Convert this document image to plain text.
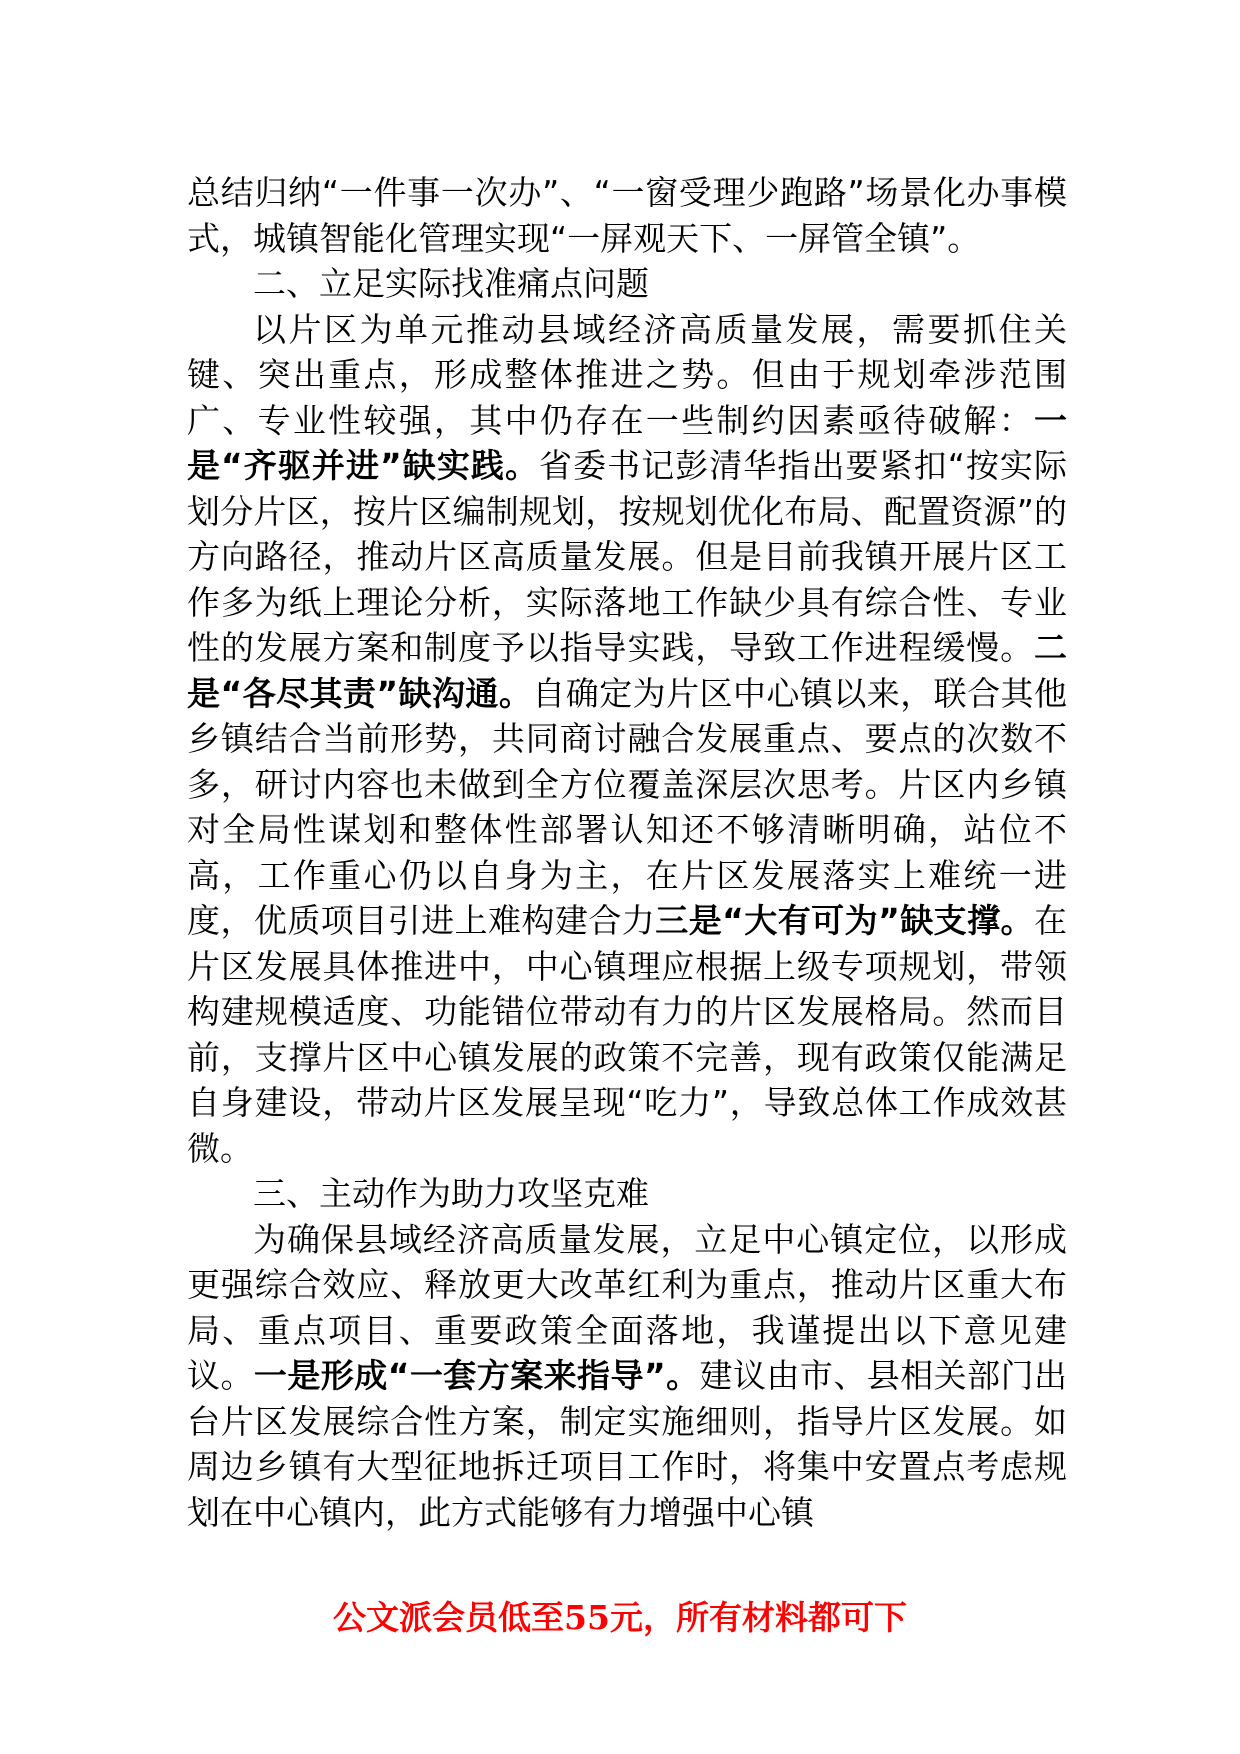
总结归纳“一件事一次办”、“一窗受理少跑路”场景化办事模式，城镇智能化管理实现“一屏观天下、一屏管全镇”。

二、立足实际找准痛点问题

以片区为单元推动县域经济高质量发展，需要抓住关键、突出重点，形成整体推进之势。但由于规划牵涉范围广、专业性较强，其中仍存在一些制约因素亟待破解：一是“齐驱并进”缺实践。省委书记彭清华指出要紧扣“按实际划分片区，按片区编制规划，按规划优化布局、配置资源”的方向路径，推动片区高质量发展。但是目前我镇开展片区工作多为纸上理论分析，实际落地工作缺少具有综合性、专业性的发展方案和制度予以指导实践，导致工作进程缓慢。二是“各尽其责”缺沟通。自确定为片区中心镇以来，联合其他乡镇结合当前形势，共同商讨融合发展重点、要点的次数不多，研讨内容也未做到全方位覆盖深层次思考。片区内乡镇对全局性谋划和整体性部署认知还不够清晰明确，站位不高，工作重心仍以自身为主，在片区发展落实上难统一进度，优质项目引进上难构建合力三是“大有可为”缺支撑。在片区发展具体推进中，中心镇理应根据上级专项规划，带领构建规模适度、功能错位带动有力的片区发展格局。然而目前，支撑片区中心镇发展的政策不完善，现有政策仅能满足自身建设，带动片区发展呈现“吃力”，导致总体工作成效甚微。

三、主动作为助力攻坚克难

为确保县域经济高质量发展，立足中心镇定位，以形成更强综合效应、释放更大改革红利为重点，推动片区重大布局、重点项目、重要政策全面落地，我谨提出以下意见建议。一是形成“一套方案来指导”。建议由市、县相关部门出台片区发展综合性方案，制定实施细则，指导片区发展。如周边乡镇有大型征地拆迁项目工作时，将集中安置点考虑规划在中心镇内，此方式能够有力增强中心镇

公文派会员低至55元，所有材料都可下
